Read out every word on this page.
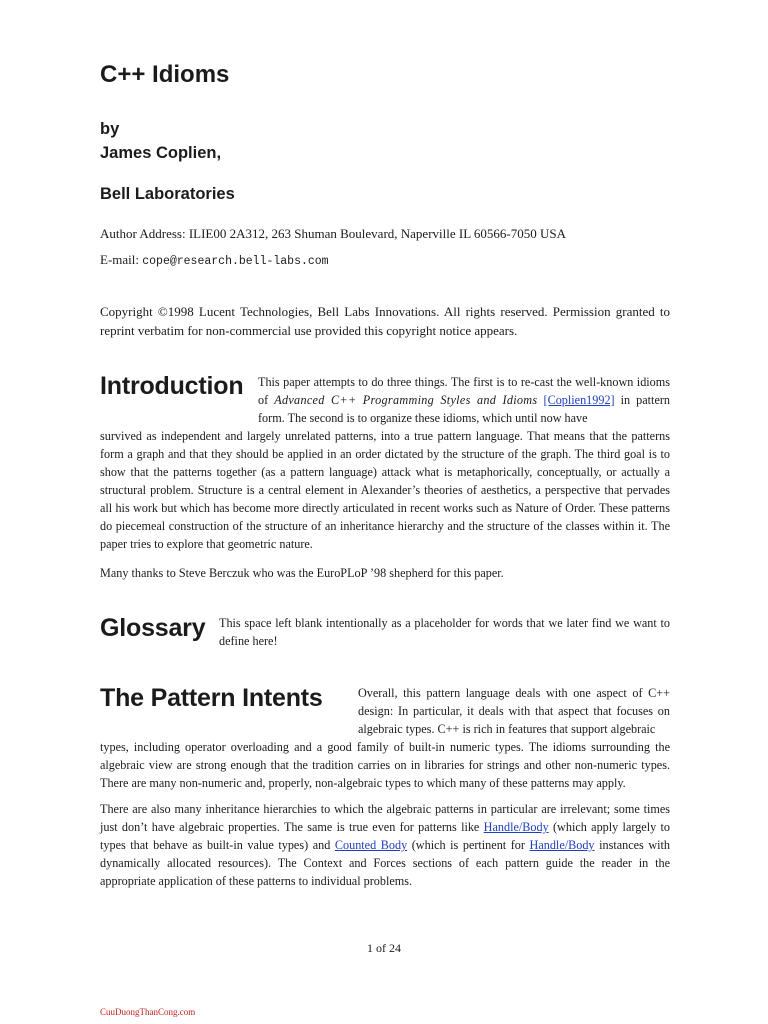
C++ Idioms
by
James Coplien,
Bell Laboratories
Author Address: ILIE00 2A312, 263 Shuman Boulevard, Naperville IL 60566-7050 USA
E-mail: cope@research.bell-labs.com
Copyright ©1998 Lucent Technologies, Bell Labs Innovations. All rights reserved. Permission granted to reprint verbatim for non-commercial use provided this copyright notice appears.
Introduction This paper attempts to do three things. The first is to re-cast the well-known idioms of Advanced C++ Programming Styles and Idioms [Coplien1992] in pattern form. The second is to organize these idioms, which until now have
survived as independent and largely unrelated patterns, into a true pattern language. That means that the patterns form a graph and that they should be applied in an order dictated by the structure of the graph. The third goal is to show that the patterns together (as a pattern language) attack what is metaphorically, conceptually, or actually a structural problem. Structure is a central element in Alexander’s theories of aesthetics, a perspective that pervades all his work but which has become more directly articulated in recent works such as Nature of Order. These patterns do piecemeal construction of the structure of an inheritance hierarchy and the structure of the classes within it. The paper tries to explore that geometric nature.
Many thanks to Steve Berczuk who was the EuroPLoP ’98 shepherd for this paper.
Glossary This space left blank intentionally as a placeholder for words that we later find we want to define here!
The Pattern Intents	Overall, this pattern language deals with one aspect of C++ design: In particular, it deals with that aspect that focuses on algebraic types. C++ is rich in features that support algebraic
types, including operator overloading and a good family of built-in numeric types. The idioms surrounding the algebraic view are strong enough that the tradition carries on in libraries for strings and other non-numeric types. There are many non-numeric and, properly, non-algebraic types to which many of these patterns may apply.
There are also many inheritance hierarchies to which the algebraic patterns in particular are irrelevant; some times just don’t have algebraic properties. The same is true even for patterns like Handle/Body (which apply largely to types that behave as built-in value types) and Counted Body (which is pertinent for Handle/Body instances with dynamically allocated resources). The Context and Forces sections of each pattern guide the reader in the appropriate application of these patterns to individual problems.
1 of 24
CuuDuongThanCong.com
